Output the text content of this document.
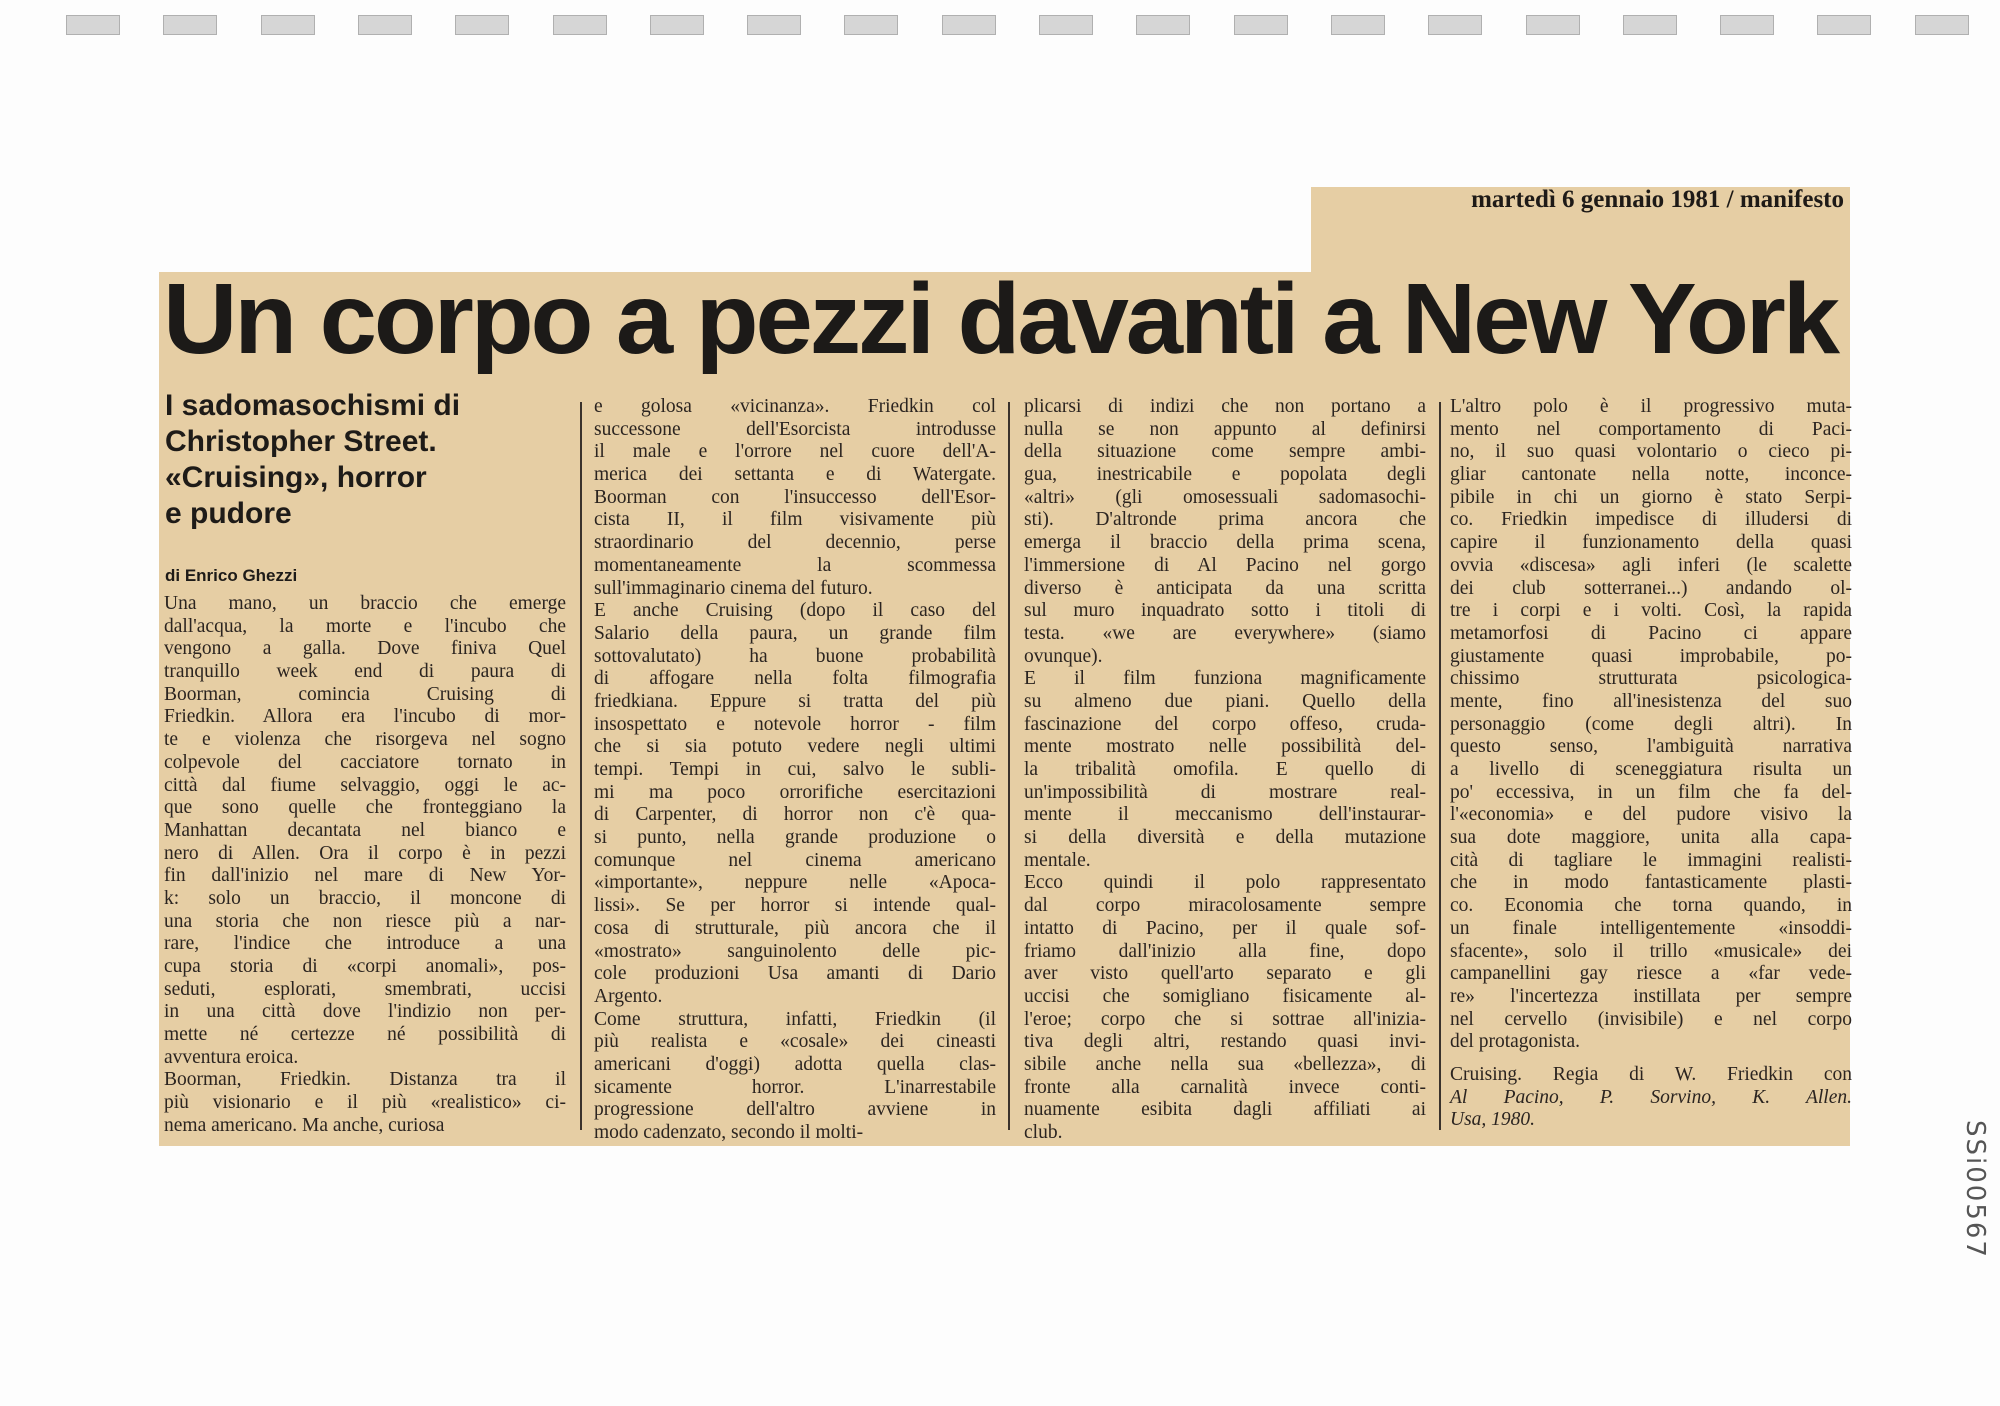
martedì 6 gennaio 1981 / manifesto
Un corpo a pezzi davanti a New York
I sadomasochismi di
Christopher Street.
«Cruising», horror
e pudore
di Enrico Ghezzi
Una mano, un braccio che emerge
dall'acqua, la morte e l'incubo che
vengono a galla. Dove finiva Quel
tranquillo week end di paura di
Boorman, comincia Cruising di
Friedkin. Allora era l'incubo di mor-
te e violenza che risorgeva nel sogno
colpevole del cacciatore tornato in
città dal fiume selvaggio, oggi le ac-
que sono quelle che fronteggiano la
Manhattan decantata nel bianco e
nero di Allen. Ora il corpo è in pezzi
fin dall'inizio nel mare di New Yor-
k: solo un braccio, il moncone di
una storia che non riesce più a nar-
rare, l'indice che introduce a una
cupa storia di «corpi anomali», pos-
seduti, esplorati, smembrati, uccisi
in una città dove l'indizio non per-
mette né certezze né possibilità di
avventura eroica.
Boorman, Friedkin. Distanza tra il
più visionario e il più «realistico» ci-
nema americano. Ma anche, curiosa
e golosa «vicinanza». Friedkin col
successone dell'Esorcista introdusse
il male e l'orrore nel cuore dell'A-
merica dei settanta e di Watergate.
Boorman con l'insuccesso dell'Esor-
cista II, il film visivamente più
straordinario del decennio, perse
momentaneamente la scommessa
sull'immaginario cinema del futuro.
E anche Cruising (dopo il caso del
Salario della paura, un grande film
sottovalutato) ha buone probabilità
di affogare nella folta filmografia
friedkiana. Eppure si tratta del più
insospettato e notevole horror - film
che si sia potuto vedere negli ultimi
tempi. Tempi in cui, salvo le subli-
mi ma poco orrorifiche esercitazioni
di Carpenter, di horror non c'è qua-
si punto, nella grande produzione o
comunque nel cinema americano
«importante», neppure nelle «Apoca-
lissi». Se per horror si intende qual-
cosa di strutturale, più ancora che il
«mostrato» sanguinolento delle pic-
cole produzioni Usa amanti di Dario
Argento.
Come struttura, infatti, Friedkin (il
più realista e «cosale» dei cineasti
americani d'oggi) adotta quella clas-
sicamente horror. L'inarrestabile
progressione dell'altro avviene in
modo cadenzato, secondo il molti-
plicarsi di indizi che non portano a
nulla se non appunto al definirsi
della situazione come sempre ambi-
gua, inestricabile e popolata degli
«altri» (gli omosessuali sadomasochi-
sti). D'altronde prima ancora che
emerga il braccio della prima scena,
l'immersione di Al Pacino nel gorgo
diverso è anticipata da una scritta
sul muro inquadrato sotto i titoli di
testa. «we are everywhere» (siamo
ovunque).
E il film funziona magnificamente
su almeno due piani. Quello della
fascinazione del corpo offeso, cruda-
mente mostrato nelle possibilità del-
la tribalità omofila. E quello di
un'impossibilità di mostrare real-
mente il meccanismo dell'instaurar-
si della diversità e della mutazione
mentale.
Ecco quindi il polo rappresentato
dal corpo miracolosamente sempre
intatto di Pacino, per il quale sof-
friamo dall'inizio alla fine, dopo
aver visto quell'arto separato e gli
uccisi che somigliano fisicamente al-
l'eroe; corpo che si sottrae all'inizia-
tiva degli altri, restando quasi invi-
sibile anche nella sua «bellezza», di
fronte alla carnalità invece conti-
nuamente esibita dagli affiliati ai
club.
L'altro polo è il progressivo muta-
mento nel comportamento di Paci-
no, il suo quasi volontario o cieco pi-
gliar cantonate nella notte, inconce-
pibile in chi un giorno è stato Serpi-
co. Friedkin impedisce di illudersi di
capire il funzionamento della quasi
ovvia «discesa» agli inferi (le scalette
dei club sotterranei...) andando ol-
tre i corpi e i volti. Così, la rapida
metamorfosi di Pacino ci appare
giustamente quasi improbabile, po-
chissimo strutturata psicologica-
mente, fino all'inesistenza del suo
personaggio (come degli altri). In
questo senso, l'ambiguità narrativa
a livello di sceneggiatura risulta un
po' eccessiva, in un film che fa del-
l'«economia» e del pudore visivo la
sua dote maggiore, unita alla capa-
cità di tagliare le immagini realisti-
che in modo fantasticamente plasti-
co. Economia che torna quando, in
un finale intelligentemente «insoddi-
sfacente», solo il trillo «musicale» dei
campanellini gay riesce a «far vede-
re» l'incertezza instillata per sempre
nel cervello (invisibile) e nel corpo
del protagonista.
Cruising. Regia di W. Friedkin con
Al Pacino, P. Sorvino, K. Allen.
Usa, 1980.
SSi00567
